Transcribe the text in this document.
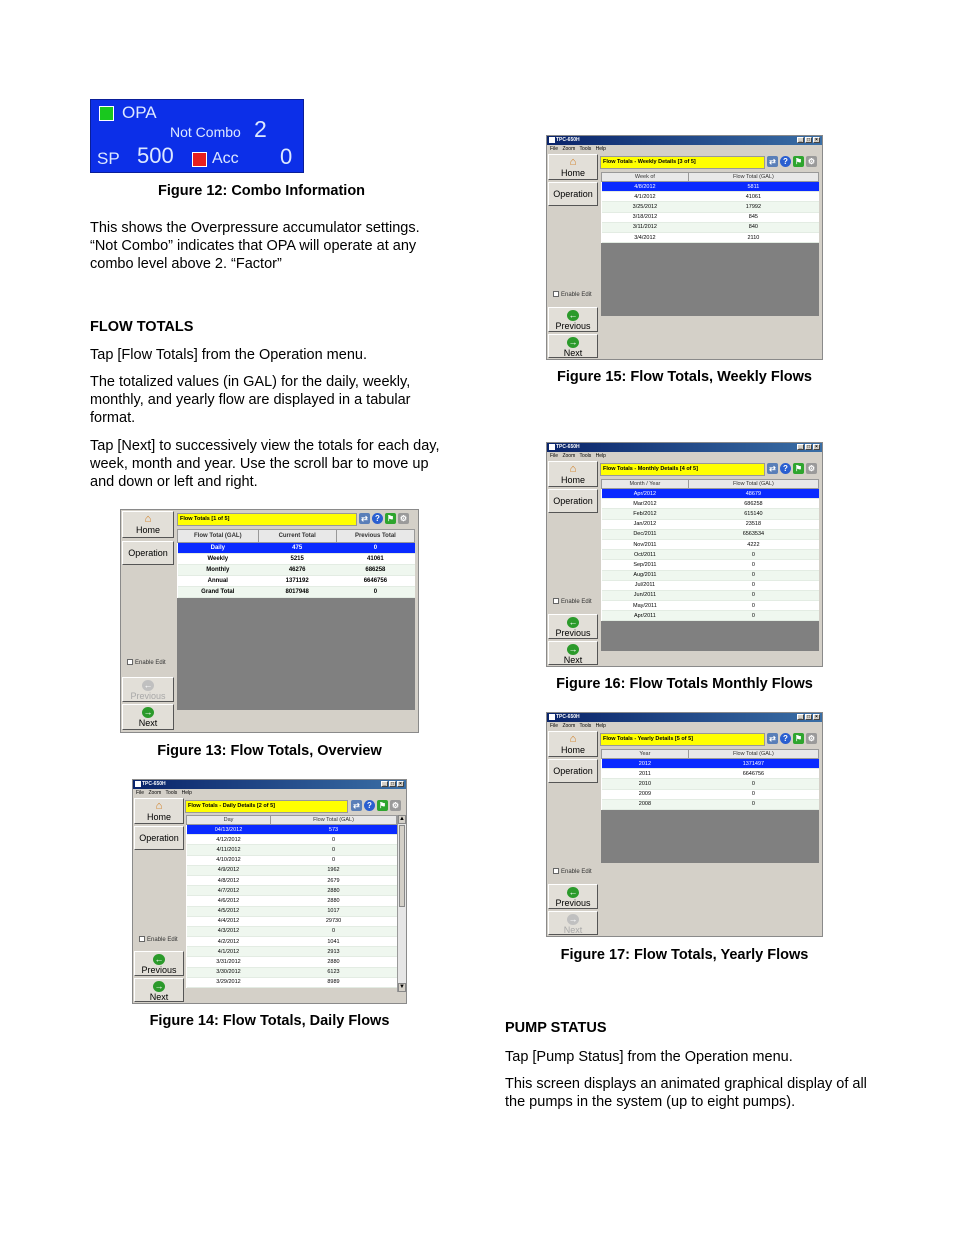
OPA
Not Combo 2
SP 500 Acc 0
Figure 12: Combo Information
This shows the Overpressure accumulator settings. “Not Combo” indicates that OPA will operate at any combo level above 2. “Factor”
FLOW TOTALS
Tap [Flow Totals] from the Operation menu.
The totalized values (in GAL) for the daily, weekly, monthly, and yearly flow are displayed in a tabular format.
Tap [Next] to successively view the totals for each day, week, month and year. Use the scroll bar to move up and down or left and right.
⌂
Home
Operation
Enable Edit
←
Previous
→
Next
Flow Totals [1 of 5]	⇄ ? ⚑ ⚙
Flow Total (GAL)	Current Total	Previous Total
Daily	475	0
Weekly	5215	41061
Monthly	46276	686258
Annual	1371192	6646756
Grand Total	8017948	0
Figure 13: Flow Totals, Overview
TPC-650H	_	□	×
File Zoom Tools Help
⌂
Home
Operation
Enable Edit
←
Previous
→
Next
Flow Totals - Daily Details [2 of 5]	⇄ ? ⚑ ⚙
Day	Flow Total (GAL)
04/13/2012	573
4/12/2012	0
4/11/2012	0
4/10/2012	0
4/9/2012	1962
4/8/2012	2679
4/7/2012	2880
4/6/2012	2880
4/5/2012	1017
4/4/2012	29730
4/3/2012	0
4/2/2012	1041
4/1/2012	2913
3/31/2012	2880
3/30/2012	6123
3/29/2012	8989
▲
▼
Figure 14: Flow Totals, Daily Flows
TPC-650H	_	□	×
File Zoom Tools Help
⌂
Home
Operation
Enable Edit
←
Previous
→
Next
Flow Totals - Weekly Details [3 of 5]	⇄ ? ⚑ ⚙
Week of	Flow Total (GAL)
4/8/2012	5811
4/1/2012	41061
3/25/2012	17992
3/18/2012	845
3/11/2012	840
3/4/2012	2110
Figure 15: Flow Totals, Weekly Flows
TPC-650H	_	□	×
File Zoom Tools Help
⌂
Home
Operation
Enable Edit
←
Previous
→
Next
Flow Totals - Monthly Details [4 of 5]	⇄ ? ⚑ ⚙
Month / Year	Flow Total (GAL)
Apr/2012	48679
Mar/2012	686258
Feb/2012	615140
Jan/2012	23518
Dec/2011	6563534
Nov/2011	4222
Oct/2011	0
Sep/2011	0
Aug/2011	0
Jul/2011	0
Jun/2011	0
May/2011	0
Apr/2011	0
Figure 16: Flow Totals Monthly Flows
TPC-650H	_	□	×
File Zoom Tools Help
⌂
Home
Operation
Enable Edit
←
Previous
→
Next
Flow Totals - Yearly Details [5 of 5]	⇄ ? ⚑ ⚙
Year	Flow Total (GAL)
2012	1371497
2011	6646756
2010	0
2009	0
2008	0
Figure 17: Flow Totals, Yearly Flows
PUMP STATUS
Tap [Pump Status] from the Operation menu.
This screen displays an animated graphical display of all the pumps in the system (up to eight pumps).
